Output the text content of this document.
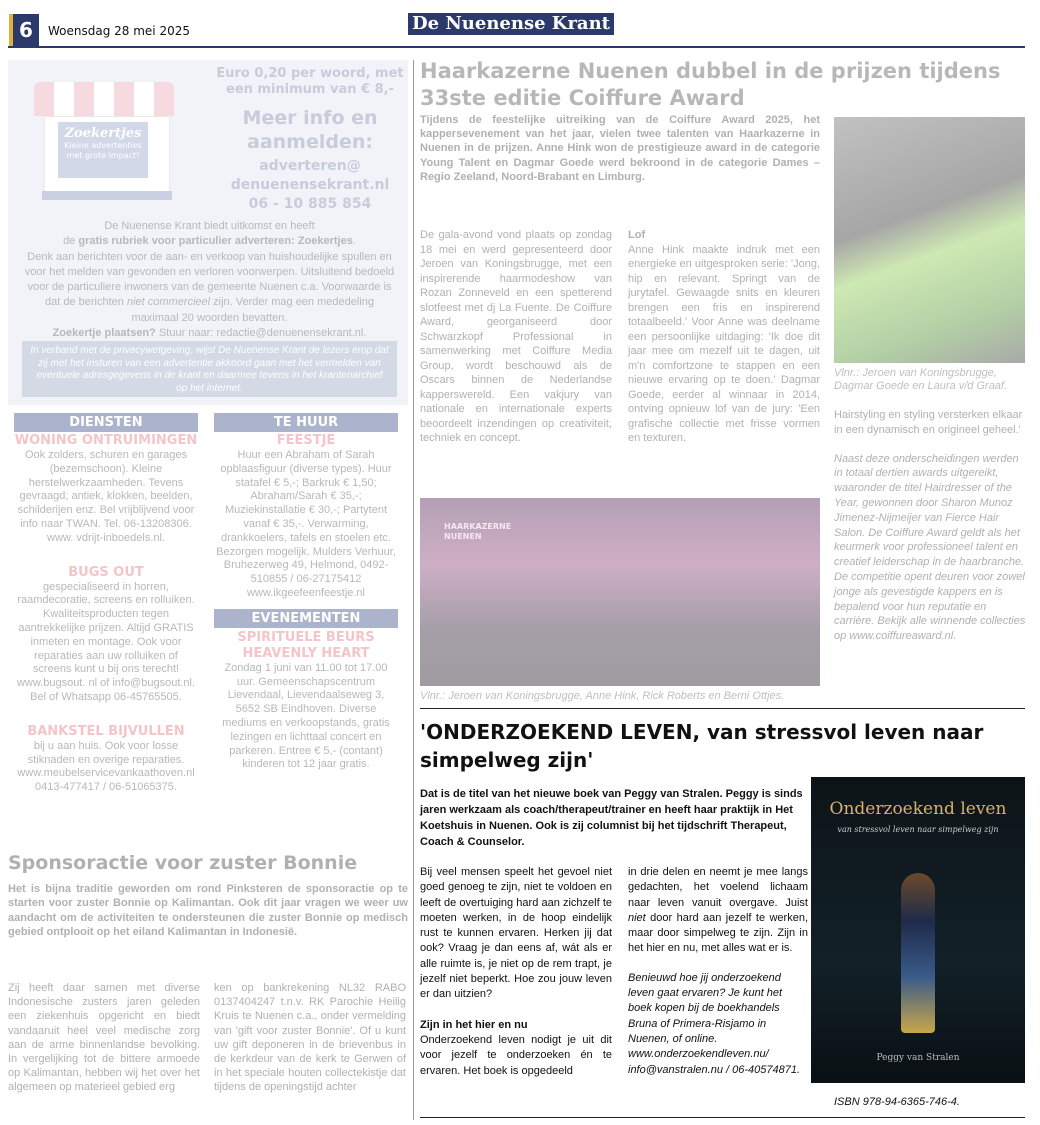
6	Woensdag 28 mei 2025	De Nuenense Krant
Zoekertjes
Kleine advertenties
met grote impact!
Euro 0,20 per woord, met een minimum van € 8,-
Meer info en aanmelden:
adverteren@ denuenensekrant.nl
06 - 10 885 854
De Nuenense Krant biedt uitkomst en heeft
de gratis rubriek voor particulier adverteren: Zoekertjes.
Denk aan berichten voor de aan- en verkoop van huishoudelijke spullen en voor het melden van gevonden en verloren voorwerpen. Uitsluitend bedoeld voor de particuliere inwoners van de gemeente Nuenen c.a. Voorwaarde is dat de berichten niet commercieel zijn. Verder mag een mededeling maximaal 20 woorden bevatten.
Zoekertje plaatsen? Stuur naar: redactie@denuenensekrant.nl.
In verband met de privacywetgeving, wijst De Nuenense Krant de lezers erop dat zij met het insturen van een advertentie akkoord gaan met het vermelden van eventuele adresgegevens in de krant en daarmee tevens in het krantenarchief op het internet.
DIENSTEN
WONING ONTRUIMINGEN
Ook zolders, schuren en garages (bezemschoon). Kleine herstelwerkzaamheden. Tevens gevraagd; antiek, klokken, beelden, schilderijen enz. Bel vrijblijvend voor info naar TWAN. Tel. 06-13208306. www. vdrijt-inboedels.nl.
BUGS OUT
gespecialiseerd in horren, raamdecoratie, screens en rolluiken. Kwaliteitsproducten tegen aantrekkelijke prijzen. Altijd GRATIS inmeten en montage. Ook voor reparaties aan uw rolluiken of screens kunt u bij ons terecht! www.bugsout. nl of info@bugsout.nl. Bel of Whatsapp 06-45765505.
BANKSTEL BIJVULLEN
bij u aan huis. Ook voor losse stiknaden en overige reparaties. www.meubelservicevankaathoven.nl 0413-477417 / 06-51065375.
TE HUUR
FEESTJE
Huur een Abraham of Sarah opblaasfiguur (diverse types). Huur statafel € 5,-; Barkruk € 1,50; Abraham/Sarah € 35,-; Muziekinstallatie € 30,-; Partytent vanaf € 35,-. Verwarming, drankkoelers, tafels en stoelen etc. Bezorgen mogelijk. Mulders Verhuur, Bruhezerweg 49, Helmond, 0492- 510855 / 06-27175412 www.ikgeefeenfeestje.nl
EVENEMENTEN
SPIRITUELE BEURS
HEAVENLY HEART
Zondag 1 juni van 11.00 tot 17.00 uur. Gemeenschapscentrum Lievendaal, Lievendaalseweg 3, 5652 SB Eindhoven. Diverse mediums en verkoopstands, gratis lezingen en lichttaal concert en parkeren. Entree € 5,- (contant) kinderen tot 12 jaar gratis.
Sponsoractie voor zuster Bonnie
Het is bijna traditie geworden om rond Pinksteren de sponsoractie op te starten voor zuster Bonnie op Kalimantan. Ook dit jaar vragen we weer uw aandacht om de activiteiten te ondersteunen die zuster Bonnie op medisch gebied ontplooit op het eiland Kalimantan in Indonesië.
Zij heeft daar samen met diverse Indonesische zusters jaren geleden een ziekenhuis opgericht en biedt vandaaruit heel veel medische zorg aan de arme binnenlandse bevolking. In vergelijking tot de bittere armoede op Kalimantan, hebben wij het over het algemeen op materieel gebied erg
ken op bankrekening NL32 RABO 0137404247 t.n.v. RK Parochie Heilig Kruis te Nuenen c.a., onder vermelding van 'gift voor zuster Bonnie'. Of u kunt uw gift deponeren in de brievenbus in de kerkdeur van de kerk te Gerwen of in het speciale houten collectekistje dat tijdens de openingstijd achter
Haarkazerne Nuenen dubbel in de prijzen tijdens 33ste editie Coiffure Award
Tijdens de feestelijke uitreiking van de Coiffure Award 2025, het kappersevenement van het jaar, vielen twee talenten van Haarkazerne in Nuenen in de prijzen. Anne Hink won de prestigieuze award in de categorie Young Talent en Dagmar Goede werd bekroond in de categorie Dames – Regio Zeeland, Noord-Brabant en Limburg.
De gala-avond vond plaats op zondag 18 mei en werd gepresenteerd door Jeroen van Koningsbrugge, met een inspirerende haarmodeshow van Rozan Zonneveld en een spetterend slotfeest met dj La Fuente. De Coiffure Award, georganiseerd door Schwarzkopf Professional in samenwerking met Coiffure Media Group, wordt beschouwd als de Oscars binnen de Nederlandse kapperswereld. Een vakjury van nationale en internationale experts beoordeelt inzendingen op creativiteit, techniek en concept.
Lof
Anne Hink maakte indruk met een energieke en uitgesproken serie: 'Jong, hip en relevant. Springt van de jurytafel. Gewaagde snits en kleuren brengen een fris en inspirerend totaalbeeld.' Voor Anne was deelname een persoonlijke uitdaging: 'Ik doe dit jaar mee om mezelf uit te dagen, uit m'n comfortzone te stappen en een nieuwe ervaring op te doen.' Dagmar Goede, eerder al winnaar in 2014, ontving opnieuw lof van de jury: 'Een grafische collectie met frisse vormen en texturen.
Vlnr.: Jeroen van Koningsbrugge, Dagmar Goede en Laura v/d Graaf.
Hairstyling en styling versterken elkaar in een dynamisch en origineel geheel.'
Naast deze onderscheidingen werden in totaal dertien awards uitgereikt, waaronder de titel Hairdresser of the Year, gewonnen door Sharon Munoz Jimenez-Nijmeijer van Fierce Hair Salon. De Coiffure Award geldt als het keurmerk voor professioneel talent en creatief leiderschap in de haarbranche. De competitie opent deuren voor zowel jonge als gevestigde kappers en is bepalend voor hun reputatie en carrière. Bekijk alle winnende collecties op www.coiffureaward.nl.
HAARKAZERNE NUENEN
Vlnr.: Jeroen van Koningsbrugge, Anne Hink, Rick Roberts en Berni Ottjes.
'ONDERZOEKEND LEVEN, van stressvol leven naar simpelweg zijn'
Dat is de titel van het nieuwe boek van Peggy van Stralen. Peggy is sinds jaren werkzaam als coach/therapeut/trainer en heeft haar praktijk in Het Koetshuis in Nuenen. Ook is zij columnist bij het tijdschrift Therapeut, Coach & Counselor.
Bij veel mensen speelt het gevoel niet goed genoeg te zijn, niet te voldoen en leeft de overtuiging hard aan zichzelf te moeten werken, in de hoop eindelijk rust te kunnen ervaren. Herken jij dat ook? Vraag je dan eens af, wát als er alle ruimte is, je niet op de rem trapt, je jezelf niet beperkt. Hoe zou jouw leven er dan uitzien?
Zijn in het hier en nu
Onderzoekend leven nodigt je uit dit voor jezelf te onderzoeken én te ervaren. Het boek is opgedeeld
in drie delen en neemt je mee langs gedachten, het voelend lichaam naar leven vanuit overgave. Juist niet door hard aan jezelf te werken, maar door simpelweg te zijn. Zijn in het hier en nu, met alles wat er is.
Benieuwd hoe jij onderzoekend leven gaat ervaren? Je kunt het boek kopen bij de boekhandels Bruna of Primera-Risjamo in Nuenen, of online. www.onderzoekendleven.nu/ info@vanstralen.nu / 06-40574871.
Onderzoekend leven
van stressvol leven naar simpelweg zijn
Peggy van Stralen
ISBN 978-94-6365-746-4.
